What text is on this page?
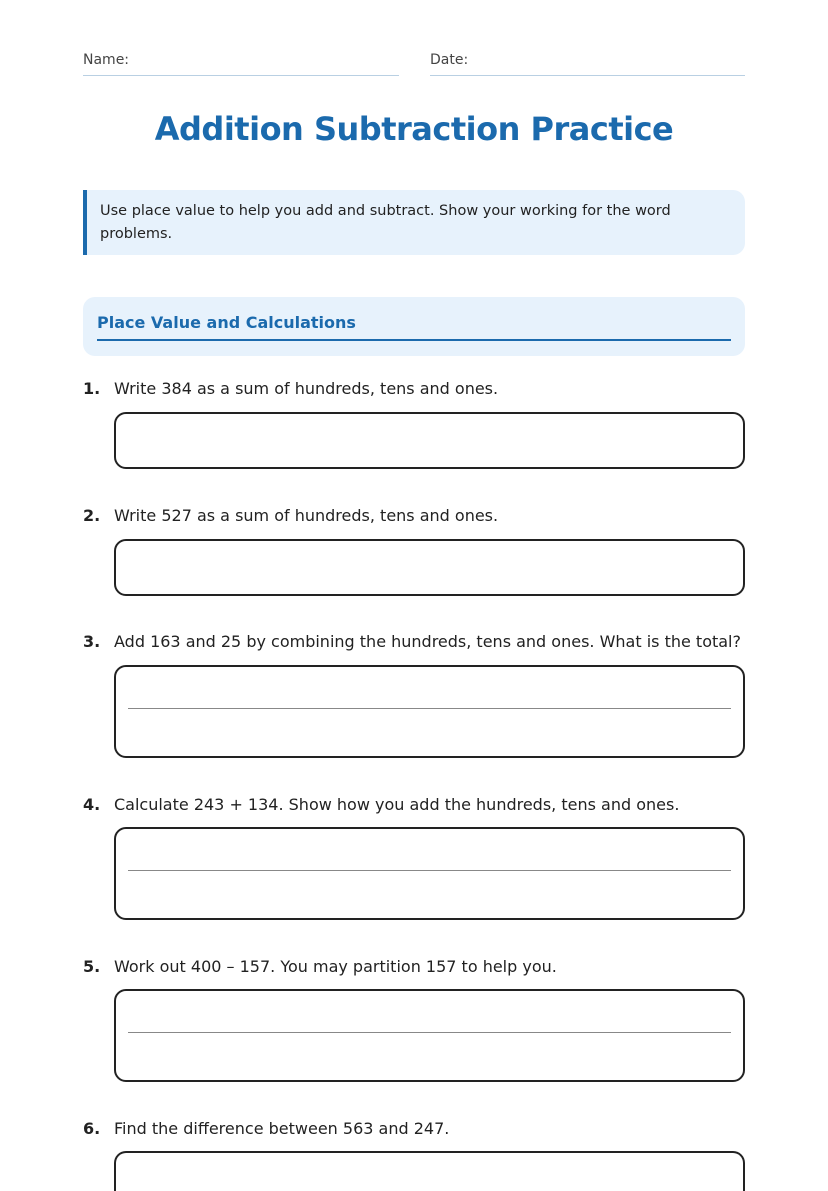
Name:	Date:
Addition Subtraction Practice
Use place value to help you add and subtract. Show your working for the word problems.
Place Value and Calculations
1. Write 384 as a sum of hundreds, tens and ones.
2. Write 527 as a sum of hundreds, tens and ones.
3. Add 163 and 25 by combining the hundreds, tens and ones. What is the total?
4. Calculate 243 + 134. Show how you add the hundreds, tens and ones.
5. Work out 400 – 157. You may partition 157 to help you.
6. Find the difference between 563 and 247.
